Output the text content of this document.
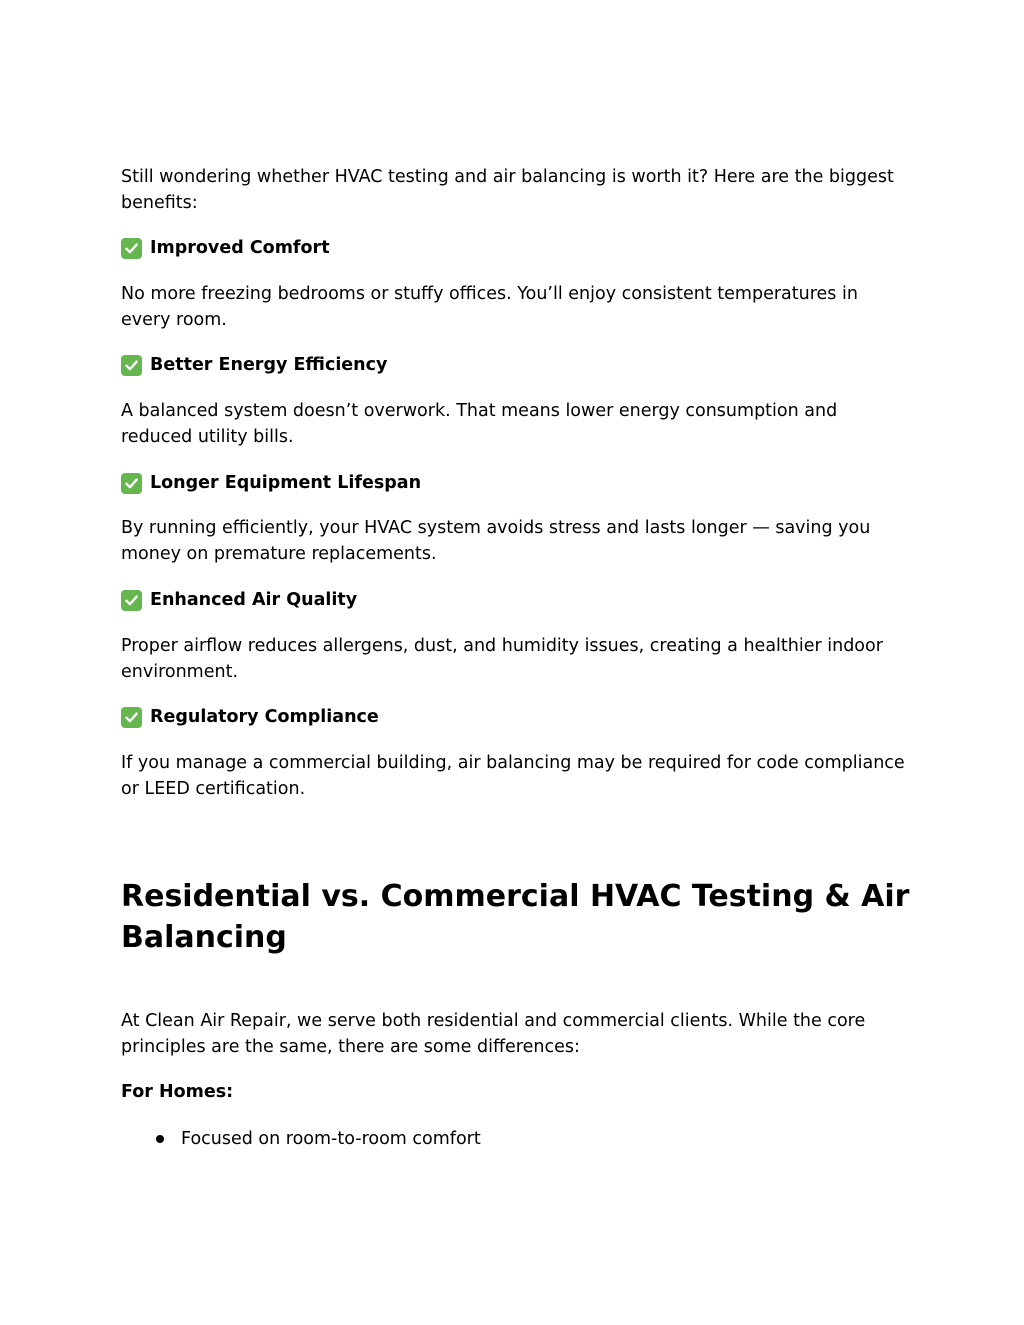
Still wondering whether HVAC testing and air balancing is worth it? Here are the biggest benefits:

Improved Comfort

No more freezing bedrooms or stuffy offices. You’ll enjoy consistent temperatures in every room.

Better Energy Efficiency

A balanced system doesn’t overwork. That means lower energy consumption and reduced utility bills.

Longer Equipment Lifespan

By running efficiently, your HVAC system avoids stress and lasts longer — saving you money on premature replacements.

Enhanced Air Quality

Proper airflow reduces allergens, dust, and humidity issues, creating a healthier indoor environment.

Regulatory Compliance

If you manage a commercial building, air balancing may be required for code compliance or LEED certification.

Residential vs. Commercial HVAC Testing & Air Balancing

At Clean Air Repair, we serve both residential and commercial clients. While the core principles are the same, there are some differences:

For Homes:

Focused on room-to-room comfort
